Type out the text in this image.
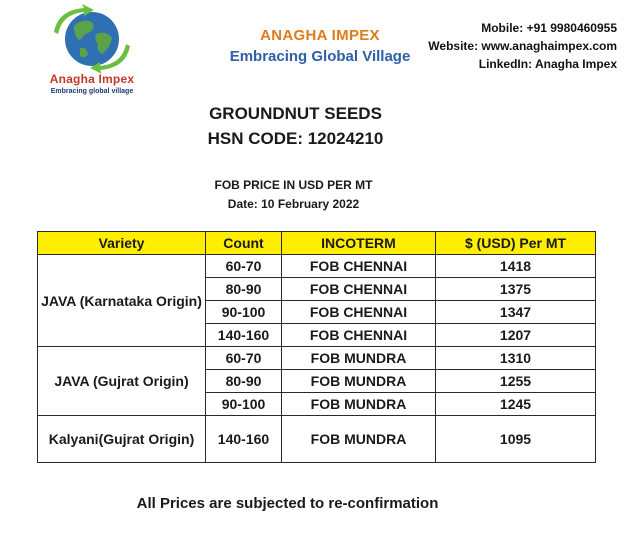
Anagha Impex
Embracing global village
ANAGHA IMPEX
Embracing Global Village
Mobile: +91 9980460955
Website: www.anaghaimpex.com
LinkedIn: Anagha Impex
GROUNDNUT SEEDS
HSN CODE: 12024210
FOB PRICE IN USD PER MT
Date: 10 February 2022
Variety	Count	INCOTERM	$ (USD) Per MT
JAVA (Karnataka Origin)	60-70	FOB CHENNAI	1418
	80-90	FOB CHENNAI	1375
	90-100	FOB CHENNAI	1347
	140-160	FOB CHENNAI	1207
JAVA (Gujrat Origin)	60-70	FOB MUNDRA	1310
	80-90	FOB MUNDRA	1255
	90-100	FOB MUNDRA	1245
Kalyani(Gujrat Origin)	140-160	FOB MUNDRA	1095
All Prices are subjected to re-confirmation
